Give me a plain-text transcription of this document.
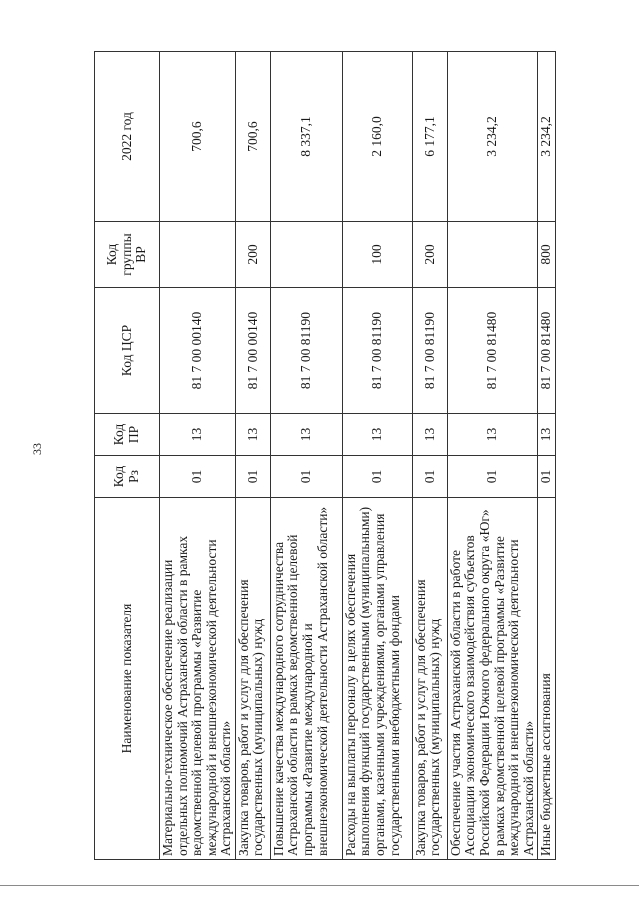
33
Наименование показателя	Код Рз	Код ПР	Код ЦСР	Код группы ВР	2022 год
Материально-техническое обеспечение реализации отдельных полномочий Астраханской области в рамках ведомственной целевой программы «Развитие международной и внешнеэкономической деятельности Астраханской области»	01	13	81 7 00 00140		700,6
Закупка товаров, работ и услуг для обеспечения государственных (муниципальных) нужд	01	13	81 7 00 00140	200	700,6
Повышение качества международного сотрудничества Астраханской области в рамках ведомственной целевой программы «Развитие международной и внешнеэкономической деятельности Астраханской области»	01	13	81 7 00 81190		8 337,1
Расходы на выплаты персоналу в целях обеспечения выполнения функций государственными (муниципальными) органами, казенными учреждениями, органами управления государственными внебюджетными фондами	01	13	81 7 00 81190	100	2 160,0
Закупка товаров, работ и услуг для обеспечения государственных (муниципальных) нужд	01	13	81 7 00 81190	200	6 177,1
Обеспечение участия Астраханской области в работе Ассоциации экономического взаимодействия субъектов Российской Федерации Южного федерального округа «Юг» в рамках ведомственной целевой программы «Развитие международной и внешнеэкономической деятельности Астраханской области»	01	13	81 7 00 81480		3 234,2
Иные бюджетные ассигнования	01	13	81 7 00 81480	800	3 234,2
